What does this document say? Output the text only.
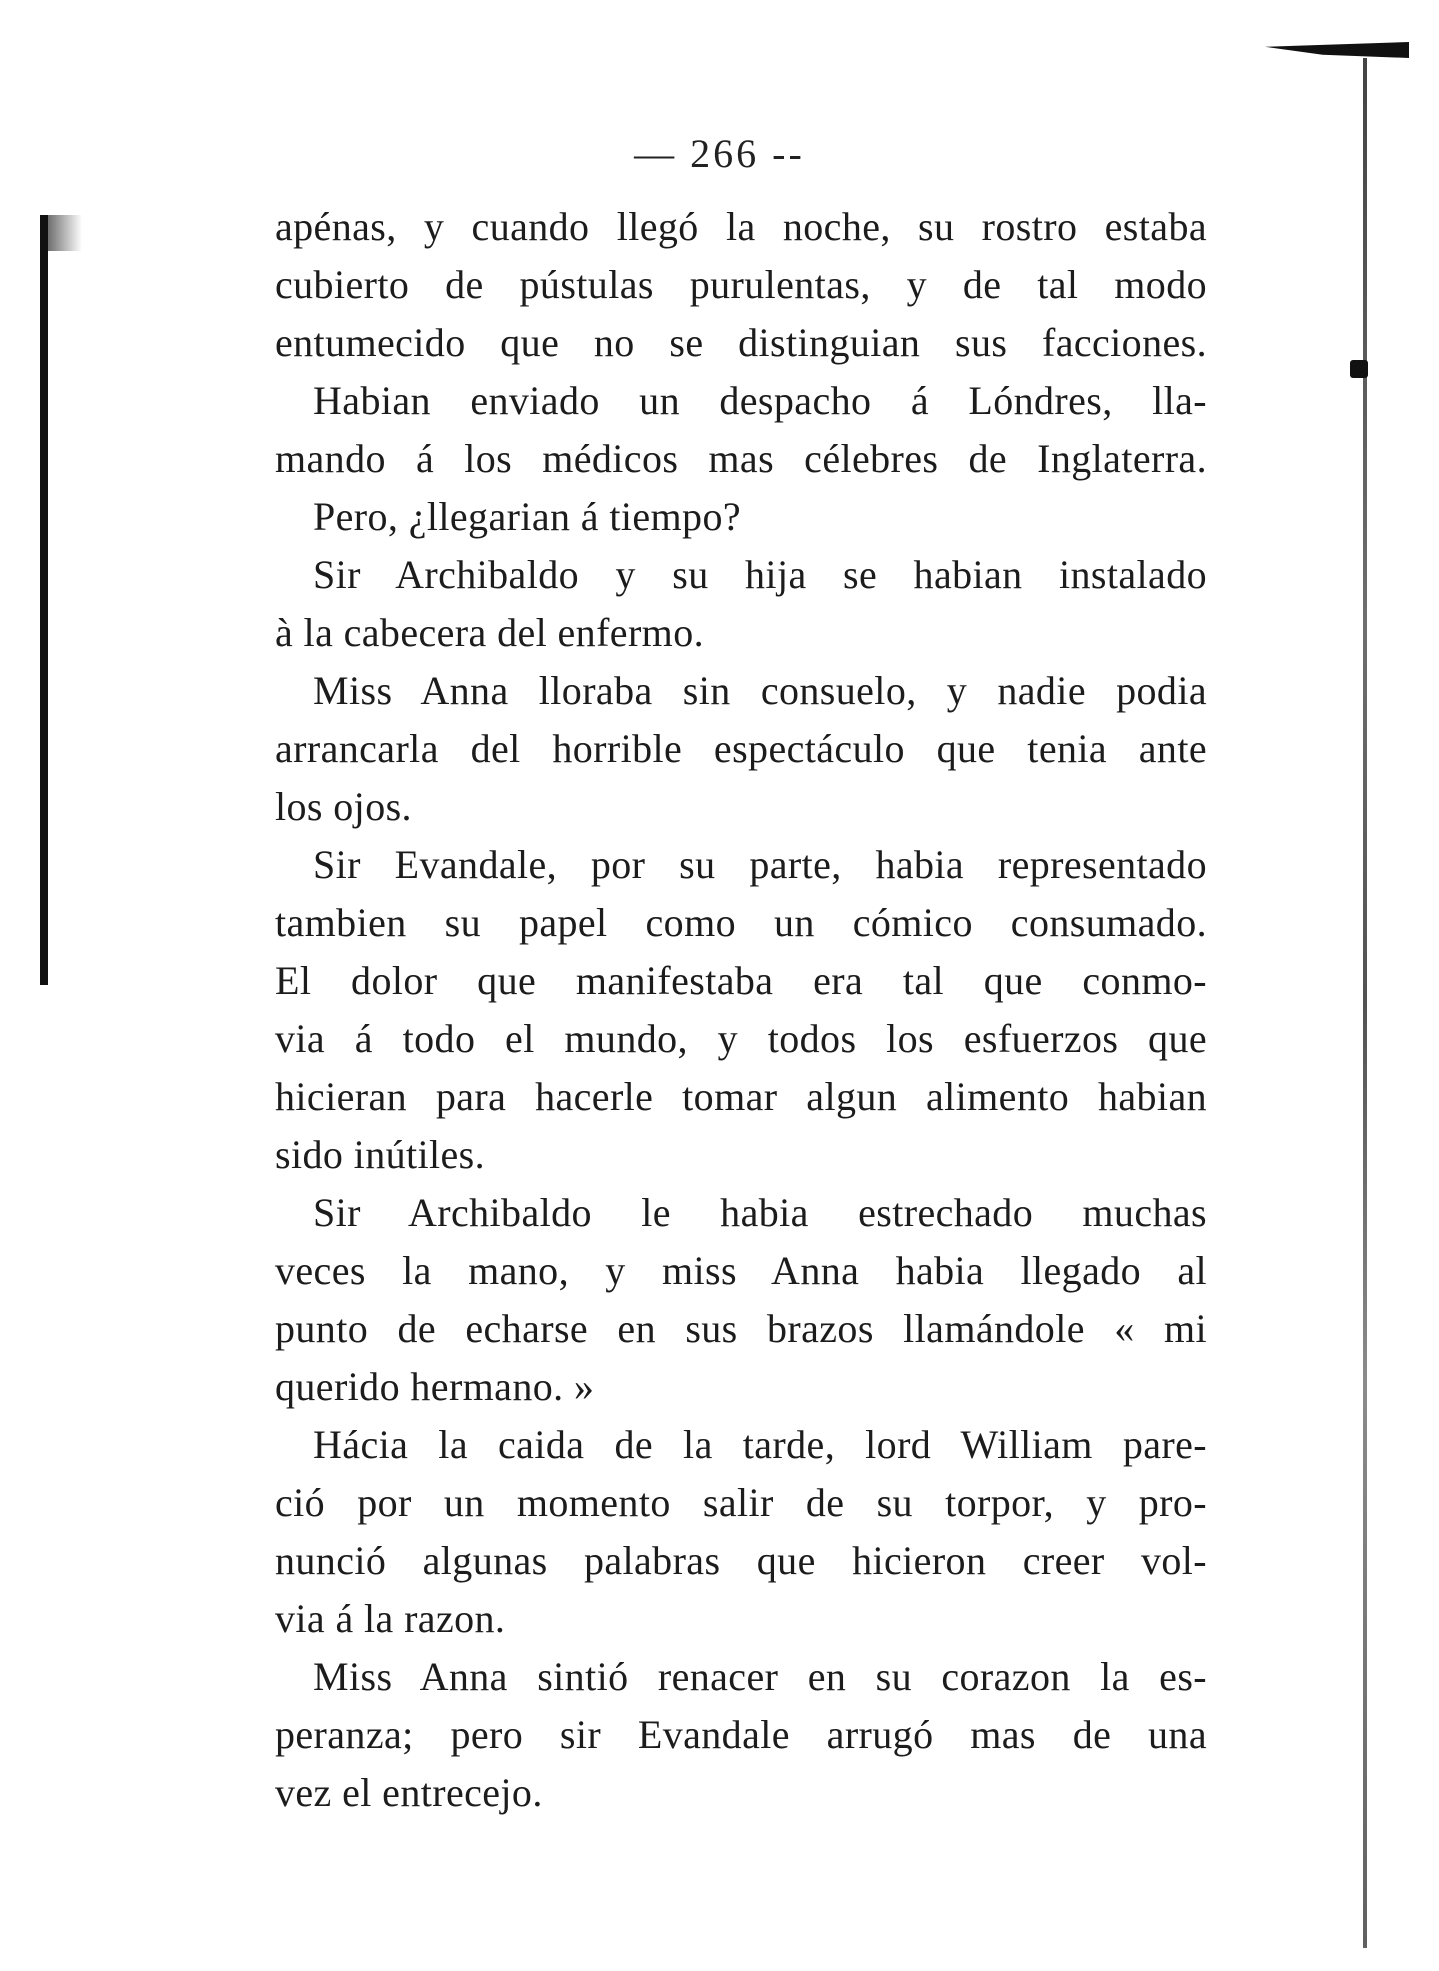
— 266 --
apénas, y cuando llegó la noche, su rostro estaba
cubierto de pústulas purulentas, y de tal modo
entumecido que no se distinguian sus facciones.
Habian enviado un despacho á Lóndres, lla-
mando á los médicos mas célebres de Inglaterra.
Pero, ¿llegarian á tiempo?
Sir Archibaldo y su hija se habian instalado
à la cabecera del enfermo.
Miss Anna lloraba sin consuelo, y nadie podia
arrancarla del horrible espectáculo que tenia ante
los ojos.
Sir Evandale, por su parte, habia representado
tambien su papel como un cómico consumado.
El dolor que manifestaba era tal que conmo-
via á todo el mundo, y todos los esfuerzos que
hicieran para hacerle tomar algun alimento habian
sido inútiles.
Sir Archibaldo le habia estrechado muchas
veces la mano, y miss Anna habia llegado al
punto de echarse en sus brazos llamándole « mi
querido hermano. »
Hácia la caida de la tarde, lord William pare-
ció por un momento salir de su torpor, y pro-
nunció algunas palabras que hicieron creer vol-
via á la razon.
Miss Anna sintió renacer en su corazon la es-
peranza; pero sir Evandale arrugó mas de una
vez el entrecejo.
